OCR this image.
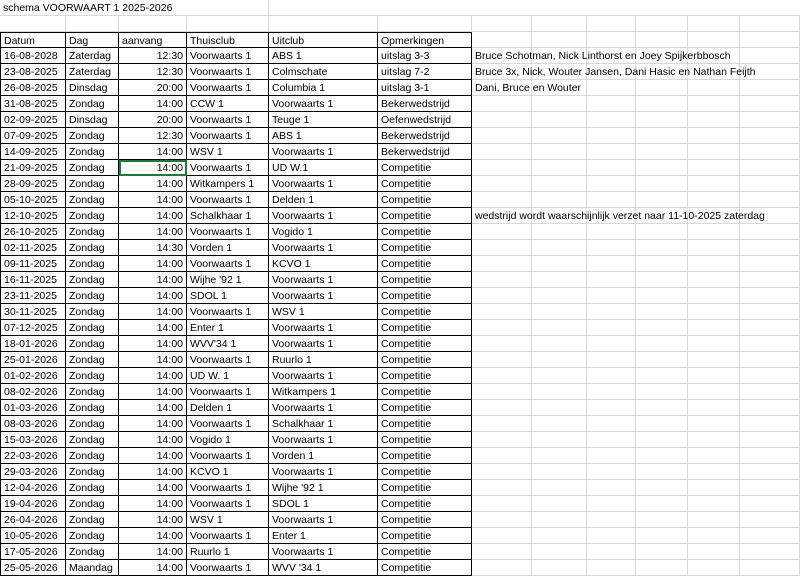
schema VOORWAART 1 2025-2026
Datum	Dag	aanvang	Thuisclub	Uitclub	Opmerkingen
16-08-2028	Zaterdag	12:30 Voorwaarts 1	ABS 1	uitslag 3-3	Bruce Schotman, Nick Linthorst en Joey Spijkerbbosch
23-08-2025	Zaterdag	12:30 Voorwaarts 1	Colmschate	uitslag 7-2	Bruce 3x, Nick, Wouter Jansen, Dani Hasic en Nathan Feijth
26-08-2025	Dinsdag	20:00 Voorwaarts 1	Columbia 1	uitslag 3-1	Dani, Bruce en Wouter
31-08-2025	Zondag	14:00 CCW 1	Voorwaarts 1	Bekerwedstrijd
02-09-2025	Dinsdag	20:00 Voorwaarts 1	Teuge 1	Oefenwedstrijd
07-09-2025	Zondag	12:30 Voorwaarts 1	ABS 1	Bekerwedstrijd
14-09-2025	Zondag	14:00 WSV 1	Voorwaarts 1	Bekerwedstrijd
21-09-2025	Zondag	14:00 Voorwaarts 1	UD W.1	Competitie
28-09-2025	Zondag	14:00 Witkampers 1	Voorwaarts 1	Competitie
05-10-2025	Zondag	14:00 Voorwaarts 1	Delden 1	Competitie
12-10-2025	Zondag	14:00 Schalkhaar 1	Voorwaarts 1	Competitie	wedstrijd wordt waarschijnlijk verzet naar 11-10-2025 zaterdag
26-10-2025	Zondag	14:00 Voorwaarts 1	Vogido 1	Competitie
02-11-2025	Zondag	14:30 Vorden 1	Voorwaarts 1	Competitie
09-11-2025	Zondag	14:00 Voorwaarts 1	KCVO 1	Competitie
16-11-2025	Zondag	14:00 Wijhe '92 1	Voorwaarts 1	Competitie
23-11-2025	Zondag	14:00 SDOL 1	Voorwaarts 1	Competitie
30-11-2025	Zondag	14:00 Voorwaarts 1	WSV 1	Competitie
07-12-2025	Zondag	14:00 Enter 1	Voorwaarts 1	Competitie
18-01-2026	Zondag	14:00 WVV'34 1	Voorwaarts 1	Competitie
25-01-2026	Zondag	14:00 Voorwaarts 1	Ruurlo 1	Competitie
01-02-2026	Zondag	14:00 UD W. 1	Voorwaarts 1	Competitie
08-02-2026	Zondag	14:00 Voorwaarts 1	Witkampers 1	Competitie
01-03-2026	Zondag	14:00 Delden 1	Voorwaarts 1	Competitie
08-03-2026	Zondag	14:00 Voorwaarts 1	Schalkhaar 1	Competitie
15-03-2026	Zondag	14:00 Vogido 1	Voorwaarts 1	Competitie
22-03-2026	Zondag	14:00 Voorwaarts 1	Vorden 1	Competitie
29-03-2026	Zondag	14:00 KCVO 1	Voorwaarts 1	Competitie
12-04-2026	Zondag	14:00 Voorwaarts 1	Wijhe '92 1	Competitie
19-04-2026	Zondag	14:00 Voorwaarts 1	SDOL 1	Competitie
26-04-2026	Zondag	14:00 WSV 1	Voorwaarts 1	Competitie
10-05-2026	Zondag	14:00 Voorwaarts 1	Enter 1	Competitie
17-05-2026	Zondag	14:00 Ruurlo 1	Voorwaarts 1	Competitie
25-05-2026	Maandag	14:00 Voorwaarts 1	WVV '34 1	Competitie
